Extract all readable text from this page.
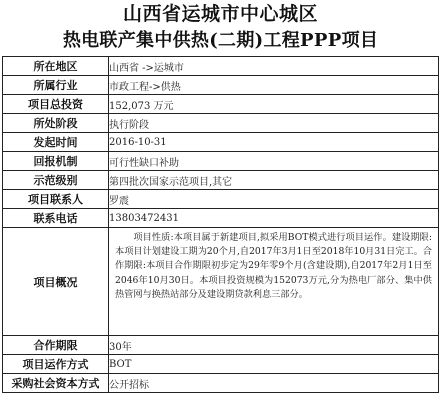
山西省运城市中心城区
热电联产集中供热(二期)工程PPP项目
所在地区	山西省 ->运城市
所属行业	市政工程->供热
项目总投资	152,073 万元
所处阶段	执行阶段
发起时间	2016-10-31
回报机制	可行性缺口补助
示范级别	第四批次国家示范项目,其它
项目联系人	罗震
联系电话	13803472431
项目概况	项目性质:本项目属于新建项目,拟采用BOT模式进行项目运作。建设期限:本项目计划建设工期为20个月,自2017年3月1日至2018年10月31日完工。合作期限:本项目合作期限初步定为29年零9个月(含建设期),自2017年2月1日至2046年10月30日。本项目投资规模为152073万元,分为热电厂部分、集中供热管网与换热站部分及建设期贷款利息三部分。
合作期限	30年
项目运作方式	BOT
采购社会资本方式	公开招标
